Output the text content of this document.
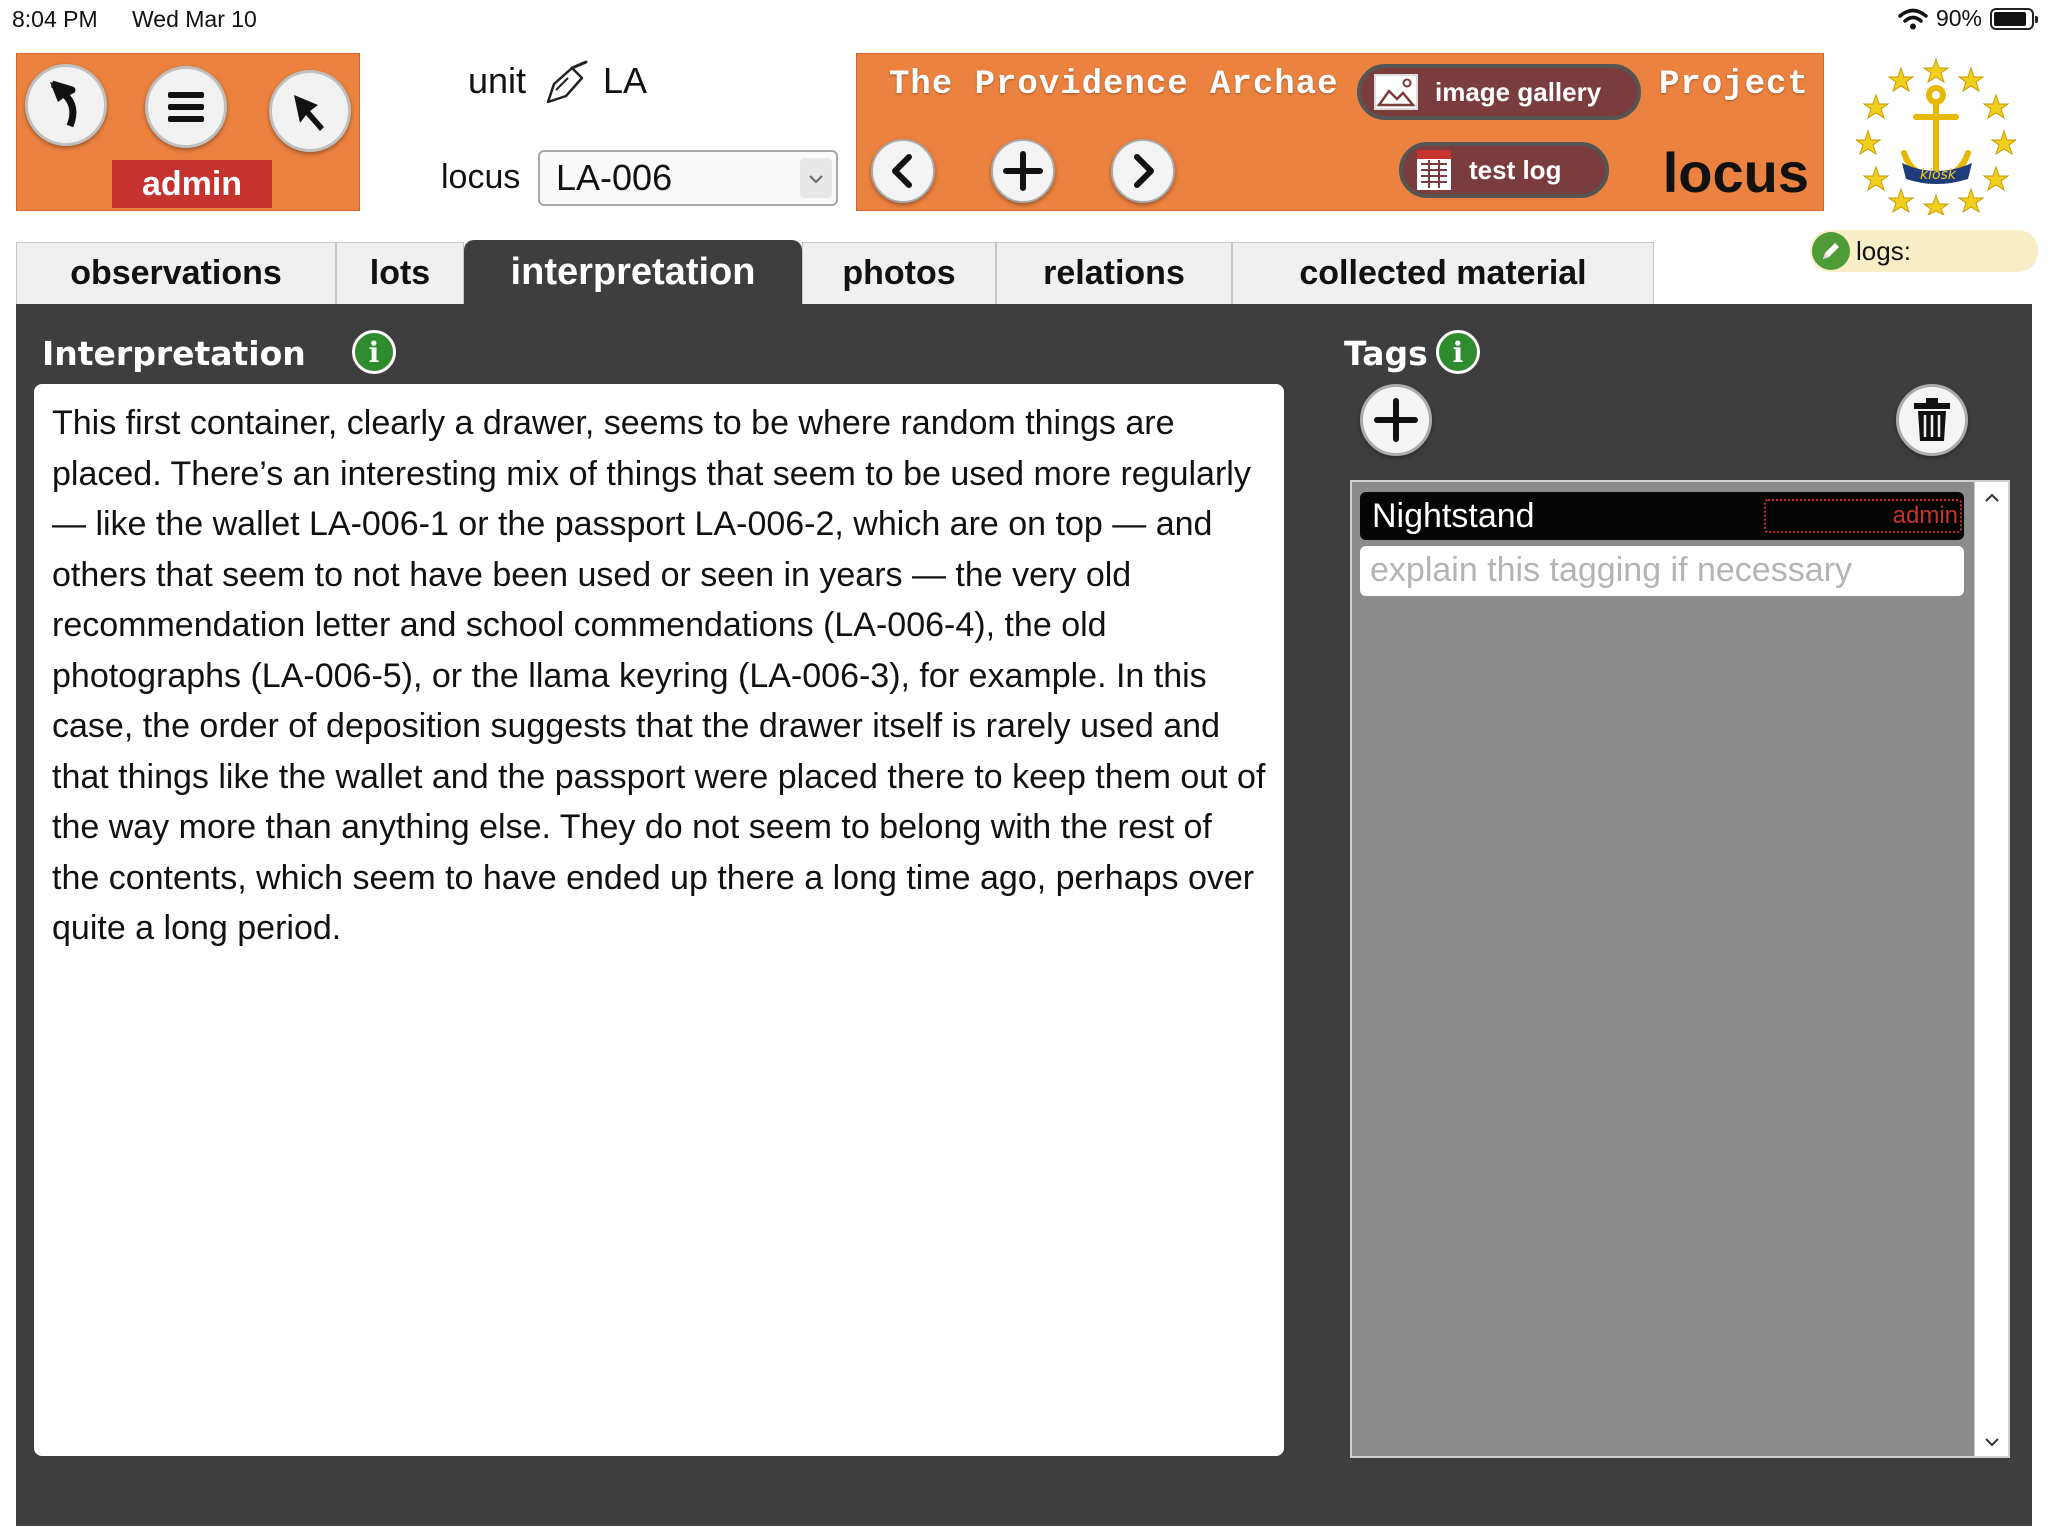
8:04 PM Wed Mar 10	90%
admin
unit LA
locus LA-006
The Providence Archae	Project
image gallery
test log locus	kiosk
observations	lots	interpretation	photos	relations	collected material
logs:
Interpretation	i
This first container, clearly a drawer, seems to be where random things are placed. There’s an interesting mix of things that seem to be used more regularly — like the wallet LA-006-1 or the passport LA-006-2, which are on top — and others that seem to not have been used or seen in years — the very old recommendation letter and school commendations (LA-006-4), the old photographs (LA-006-5), or the llama keyring (LA-006-3), for example. In this case, the order of deposition suggests that the drawer itself is rarely used and that things like the wallet and the passport were placed there to keep them out of the way more than anything else. They do not seem to belong with the rest of the contents, which seem to have ended up there a long time ago, perhaps over quite a long period.
Tags i
Nightstand	admin
explain this tagging if necessary
